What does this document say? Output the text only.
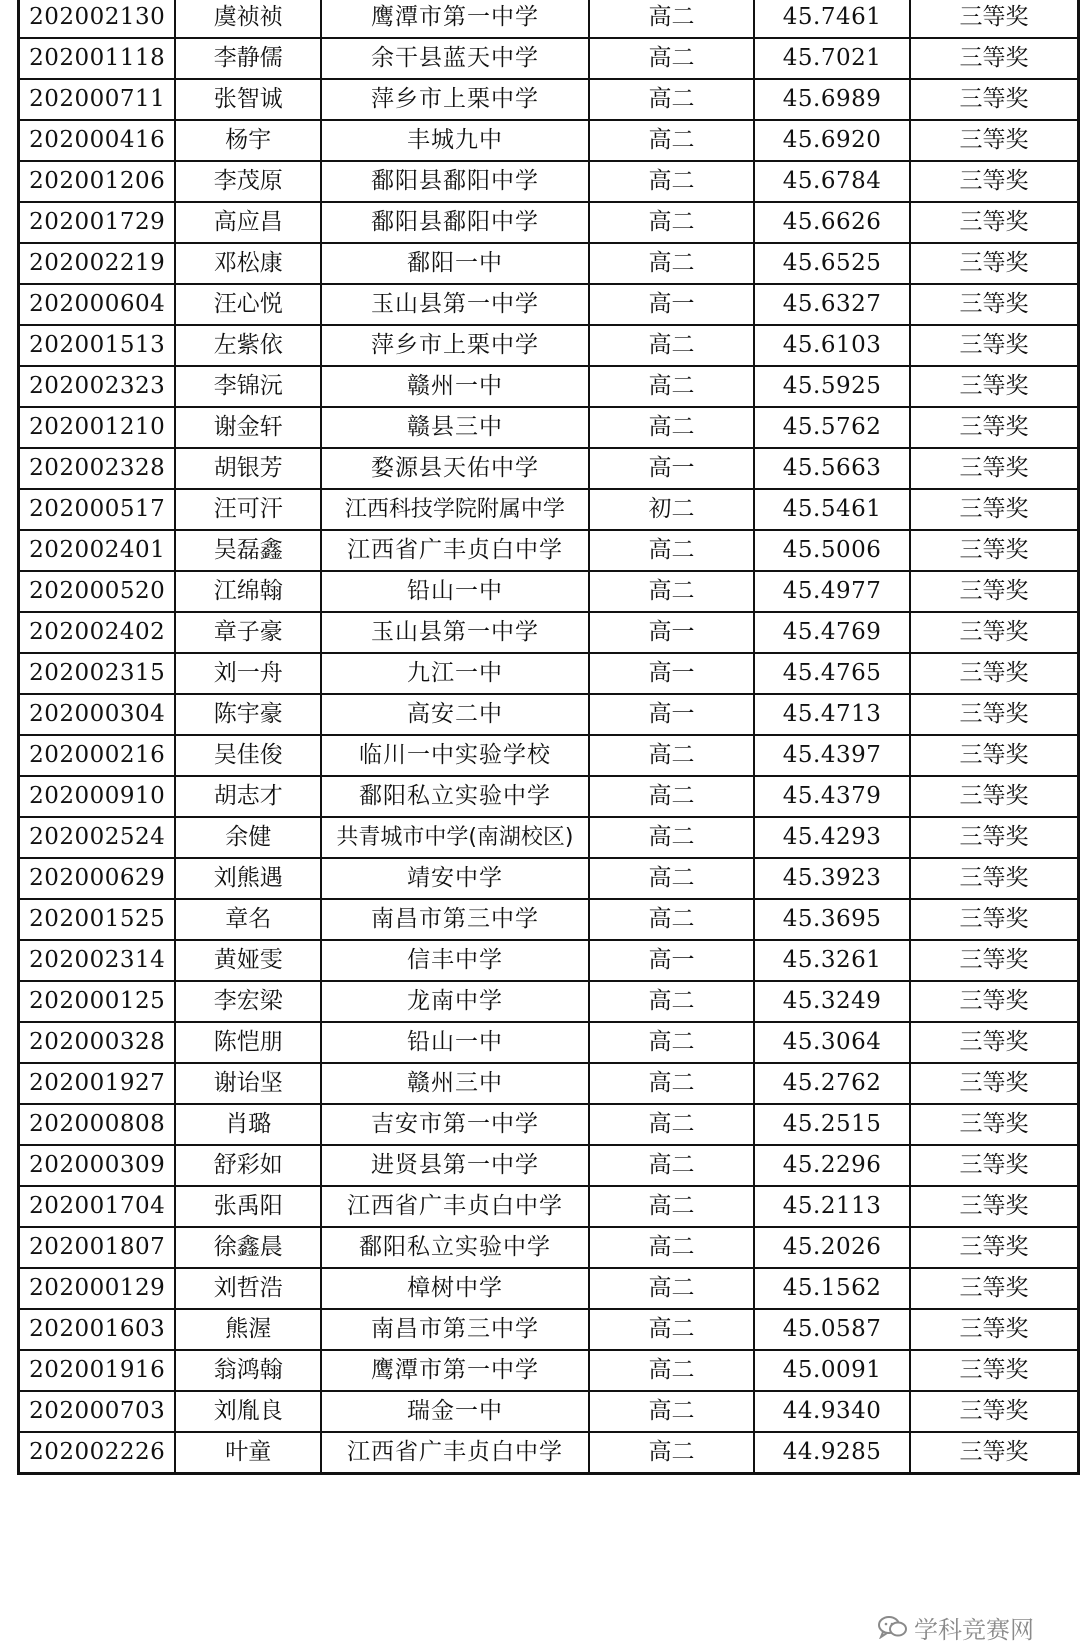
202002130	虞祯祯	鹰潭市第一中学	高二	45.7461	三等奖
202001118	李静儒	余干县蓝天中学	高二	45.7021	三等奖
202000711	张智诚	萍乡市上栗中学	高二	45.6989	三等奖
202000416	杨宇	丰城九中	高二	45.6920	三等奖
202001206	李茂原	鄱阳县鄱阳中学	高二	45.6784	三等奖
202001729	高应昌	鄱阳县鄱阳中学	高二	45.6626	三等奖
202002219	邓松康	鄱阳一中	高二	45.6525	三等奖
202000604	汪心悦	玉山县第一中学	高一	45.6327	三等奖
202001513	左紫依	萍乡市上栗中学	高二	45.6103	三等奖
202002323	李锦沅	赣州一中	高二	45.5925	三等奖
202001210	谢金轩	赣县三中	高二	45.5762	三等奖
202002328	胡银芳	婺源县天佑中学	高一	45.5663	三等奖
202000517	汪可汗	江西科技学院附属中学	初二	45.5461	三等奖
202002401	吴磊鑫	江西省广丰贞白中学	高二	45.5006	三等奖
202000520	江绵翰	铅山一中	高二	45.4977	三等奖
202002402	章子豪	玉山县第一中学	高一	45.4769	三等奖
202002315	刘一舟	九江一中	高一	45.4765	三等奖
202000304	陈宇豪	高安二中	高一	45.4713	三等奖
202000216	吴佳俊	临川一中实验学校	高二	45.4397	三等奖
202000910	胡志才	鄱阳私立实验中学	高二	45.4379	三等奖
202002524	余健	共青城市中学(南湖校区)	高二	45.4293	三等奖
202000629	刘熊遇	靖安中学	高二	45.3923	三等奖
202001525	章名	南昌市第三中学	高二	45.3695	三等奖
202002314	黄娅雯	信丰中学	高一	45.3261	三等奖
202000125	李宏梁	龙南中学	高二	45.3249	三等奖
202000328	陈恺朋	铅山一中	高二	45.3064	三等奖
202001927	谢诒坚	赣州三中	高二	45.2762	三等奖
202000808	肖璐	吉安市第一中学	高二	45.2515	三等奖
202000309	舒彩如	进贤县第一中学	高二	45.2296	三等奖
202001704	张禹阳	江西省广丰贞白中学	高二	45.2113	三等奖
202001807	徐鑫晨	鄱阳私立实验中学	高二	45.2026	三等奖
202000129	刘哲浩	樟树中学	高二	45.1562	三等奖
202001603	熊渥	南昌市第三中学	高二	45.0587	三等奖
202001916	翁鸿翰	鹰潭市第一中学	高二	45.0091	三等奖
202000703	刘胤良	瑞金一中	高二	44.9340	三等奖
202002226	叶童	江西省广丰贞白中学	高二	44.9285	三等奖
学科竞赛网
